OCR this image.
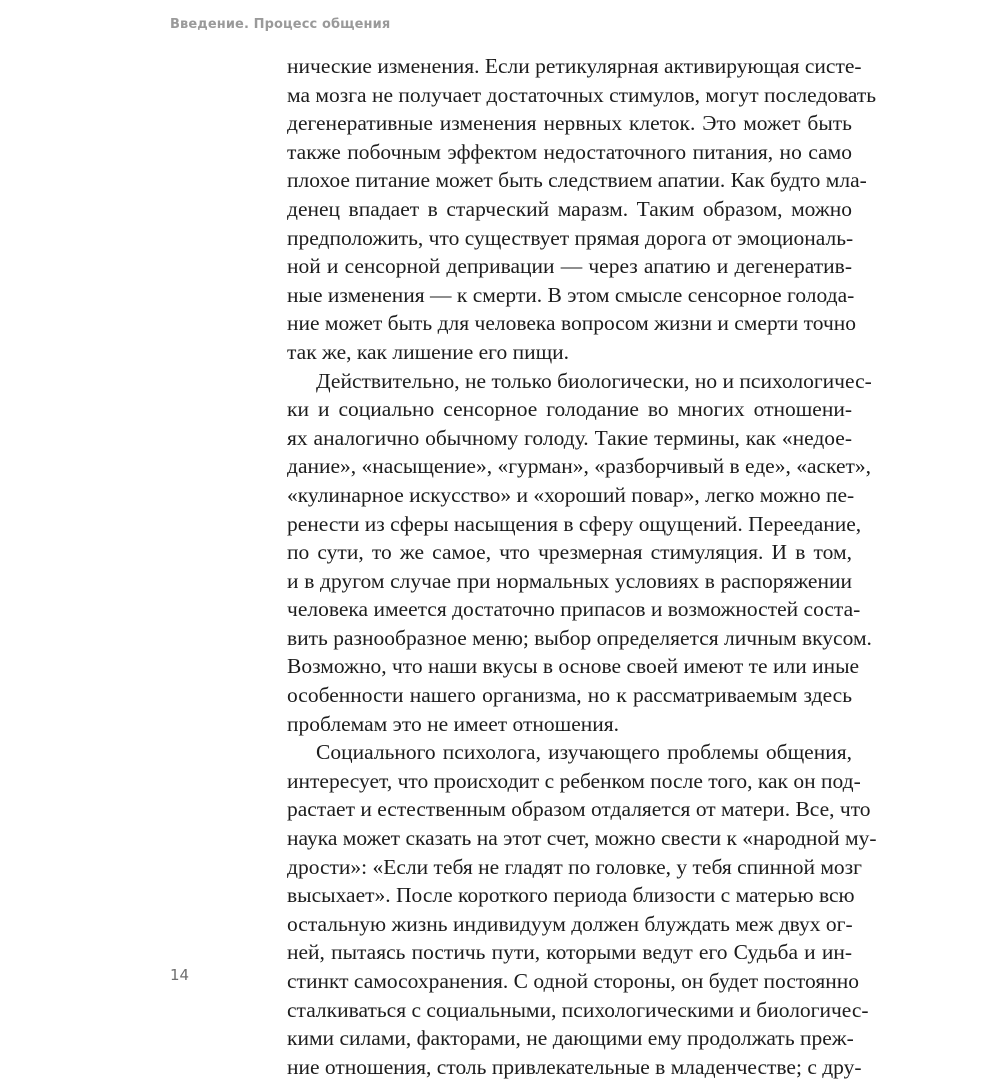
Введение. Процесс общения
нические изменения. Если ретикулярная активирующая систе-
ма мозга не получает достаточных стимулов, могут последовать
дегенеративные изменения нервных клеток. Это может быть
также побочным эффектом недостаточного питания, но само
плохое питание может быть следствием апатии. Как будто мла-
денец впадает в старческий маразм. Таким образом, можно
предположить, что существует прямая дорога от эмоциональ-
ной и сенсорной депривации — через апатию и дегенератив-
ные изменения — к смерти. В этом смысле сенсорное голода-
ние может быть для человека вопросом жизни и смерти точно
так же, как лишение его пищи.
Действительно, не только биологически, но и психологичес-
ки и социально сенсорное голодание во многих отношени-
ях аналогично обычному голоду. Такие термины, как «недое-
дание», «насыщение», «гурман», «разборчивый в еде», «аскет»,
«кулинарное искусство» и «хороший повар», легко можно пе-
ренести из сферы насыщения в сферу ощущений. Переедание,
по сути, то же самое, что чрезмерная стимуляция. И в том,
и в другом случае при нормальных условиях в распоряжении
человека имеется достаточно припасов и возможностей соста-
вить разнообразное меню; выбор определяется личным вкусом.
Возможно, что наши вкусы в основе своей имеют те или иные
особенности нашего организма, но к рассматриваемым здесь
проблемам это не имеет отношения.
Социального психолога, изучающего проблемы общения,
интересует, что происходит с ребенком после того, как он под-
растает и естественным образом отдаляется от матери. Все, что
наука может сказать на этот счет, можно свести к «народной му-
дрости»: «Если тебя не гладят по головке, у тебя спинной мозг
высыхает». После короткого периода близости с матерью всю
остальную жизнь индивидуум должен блуждать меж двух ог-
ней, пытаясь постичь пути, которыми ведут его Судьба и ин-
стинкт самосохранения. С одной стороны, он будет постоянно
сталкиваться с социальными, психологическими и биологичес-
кими силами, факторами, не дающими ему продолжать преж-
ние отношения, столь привлекательные в младенчестве; с дру-
14
